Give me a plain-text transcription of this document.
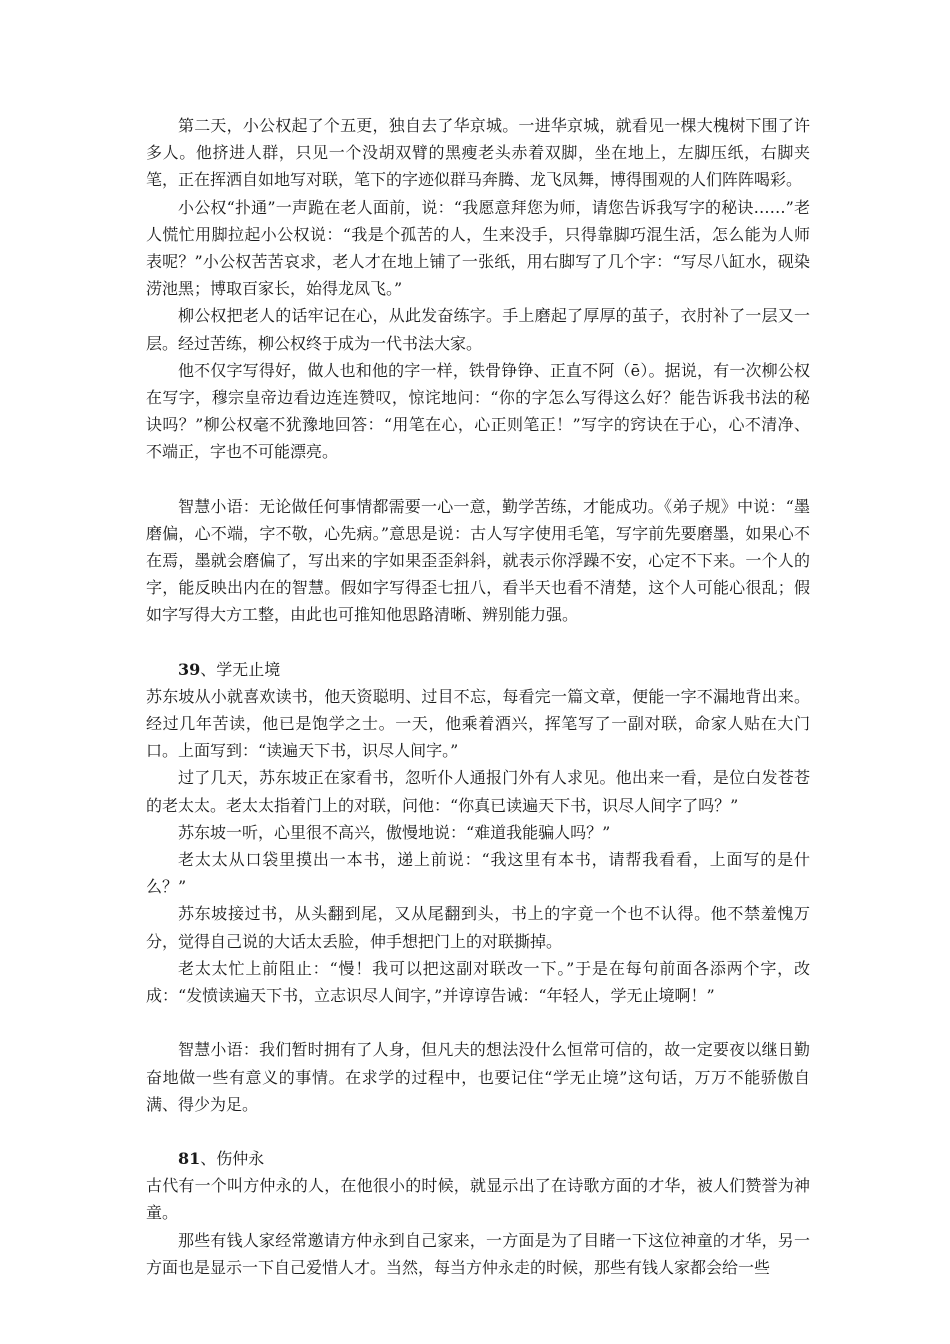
第二天，小公权起了个五更，独自去了华京城。一进华京城，就看见一棵大槐树下围了许多人。他挤进人群，只见一个没胡双臂的黑瘦老头赤着双脚，坐在地上，左脚压纸，右脚夹笔，正在挥洒自如地写对联，笔下的字迹似群马奔腾、龙飞凤舞，博得围观的人们阵阵喝彩。

小公权“扑通”一声跪在老人面前，说：“我愿意拜您为师，请您告诉我写字的秘诀……”老人慌忙用脚拉起小公权说：“我是个孤苦的人，生来没手，只得靠脚巧混生活，怎么能为人师表呢？”小公权苦苦哀求，老人才在地上铺了一张纸，用右脚写了几个字：“写尽八缸水，砚染涝池黑；博取百家长，始得龙凤飞。”

柳公权把老人的话牢记在心，从此发奋练字。手上磨起了厚厚的茧子，衣肘补了一层又一层。经过苦练，柳公权终于成为一代书法大家。

他不仅字写得好，做人也和他的字一样，铁骨铮铮、正直不阿（ē）。据说，有一次柳公权在写字，穆宗皇帝边看边连连赞叹，惊诧地问：“你的字怎么写得这么好？能告诉我书法的秘诀吗？”柳公权毫不犹豫地回答：“用笔在心，心正则笔正！”写字的窍诀在于心，心不清净、不端正，字也不可能漂亮。

智慧小语：无论做任何事情都需要一心一意，勤学苦练，才能成功。《弟子规》中说：“墨磨偏，心不端，字不敬，心先病。”意思是说：古人写字使用毛笔，写字前先要磨墨，如果心不在焉，墨就会磨偏了，写出来的字如果歪歪斜斜，就表示你浮躁不安，心定不下来。一个人的字，能反映出内在的智慧。假如字写得歪七扭八，看半天也看不清楚，这个人可能心很乱；假如字写得大方工整，由此也可推知他思路清晰、辨别能力强。

39、学无止境

苏东坡从小就喜欢读书，他天资聪明、过目不忘，每看完一篇文章，便能一字不漏地背出来。经过几年苦读，他已是饱学之士。一天，他乘着酒兴，挥笔写了一副对联，命家人贴在大门口。上面写到：“读遍天下书，识尽人间字。”

过了几天，苏东坡正在家看书，忽听仆人通报门外有人求见。他出来一看，是位白发苍苍的老太太。老太太指着门上的对联，问他：“你真已读遍天下书，识尽人间字了吗？”

苏东坡一听，心里很不高兴，傲慢地说：“难道我能骗人吗？”

老太太从口袋里摸出一本书，递上前说：“我这里有本书，请帮我看看，上面写的是什么？”

苏东坡接过书，从头翻到尾，又从尾翻到头，书上的字竟一个也不认得。他不禁羞愧万分，觉得自己说的大话太丢脸，伸手想把门上的对联撕掉。

老太太忙上前阻止：“慢！我可以把这副对联改一下。”于是在每句前面各添两个字，改成：“发愤读遍天下书，立志识尽人间字，”并谆谆告诫：“年轻人，学无止境啊！”

智慧小语：我们暂时拥有了人身，但凡夫的想法没什么恒常可信的，故一定要夜以继日勤奋地做一些有意义的事情。在求学的过程中，也要记住“学无止境”这句话，万万不能骄傲自满、得少为足。

81、伤仲永

古代有一个叫方仲永的人，在他很小的时候，就显示出了在诗歌方面的才华，被人们赞誉为神童。

那些有钱人家经常邀请方仲永到自己家来，一方面是为了目睹一下这位神童的才华，另一方面也是显示一下自己爱惜人才。当然，每当方仲永走的时候，那些有钱人家都会给一些
